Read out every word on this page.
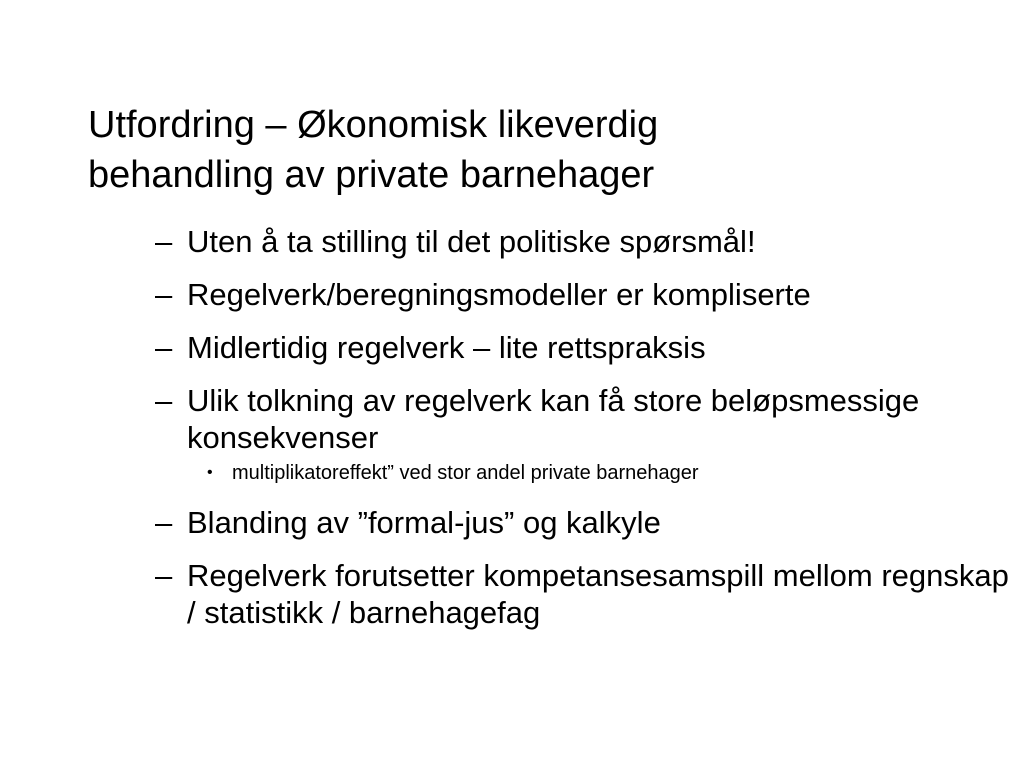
Utfordring – Økonomisk likeverdig
behandling av private barnehager
– Uten å ta stilling til det politiske spørsmål!
– Regelverk/beregningsmodeller er kompliserte
– Midlertidig regelverk – lite rettspraksis
– Ulik tolkning av regelverk kan få store beløpsmessige konsekvenser
• multiplikatoreffekt” ved stor andel private barnehager
– Blanding av ”formal-jus” og kalkyle
– Regelverk forutsetter kompetansesamspill mellom regnskap / statistikk / barnehagefag
